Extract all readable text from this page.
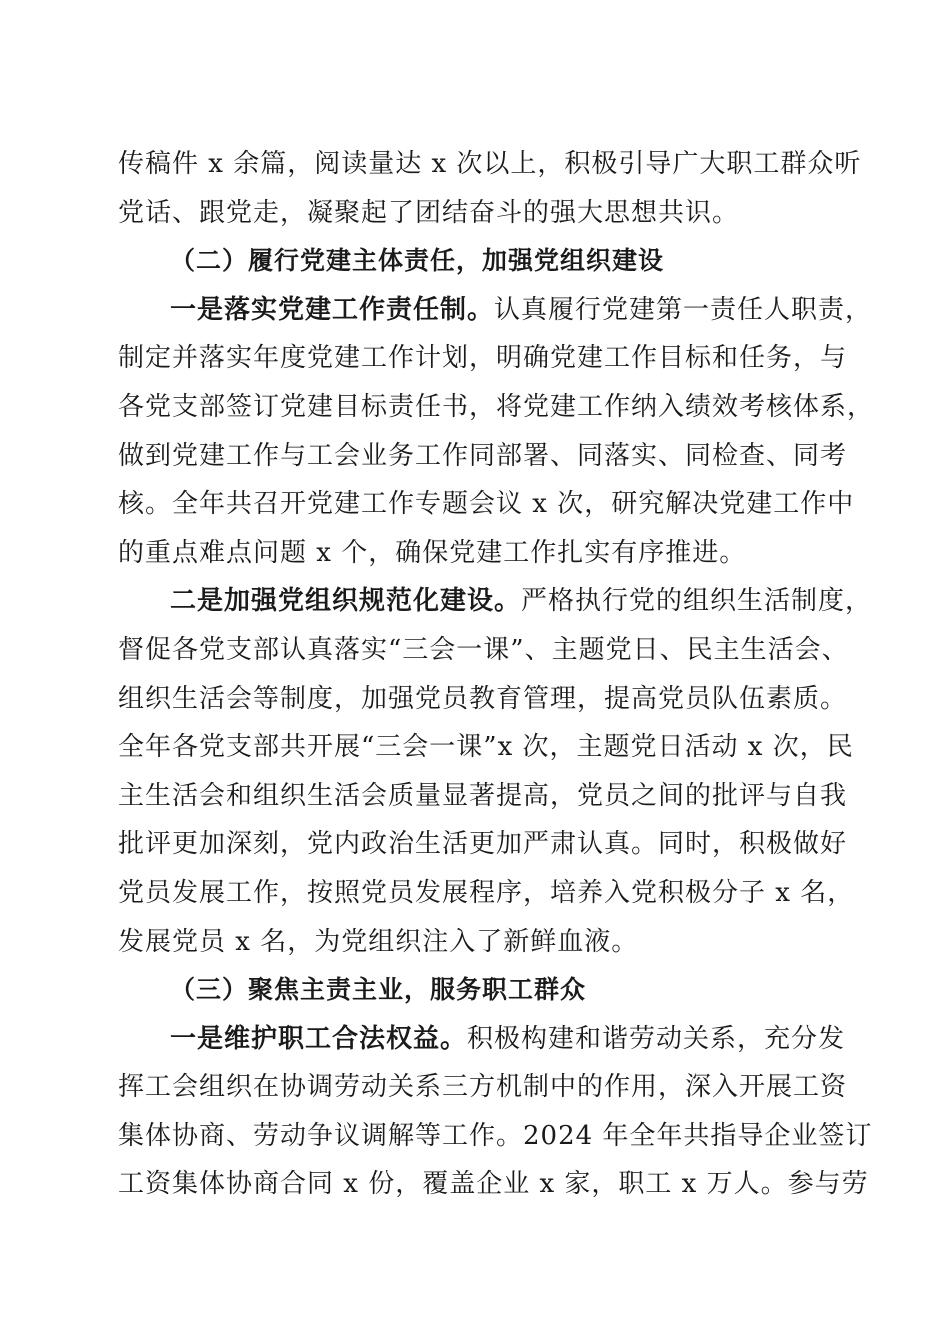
传稿件 x 余篇，阅读量达 x 次以上，积极引导广大职工群众听
党话、跟党走，凝聚起了团结奋斗的强大思想共识。
（二）履行党建主体责任，加强党组织建设
一是落实党建工作责任制。认真履行党建第一责任人职责，
制定并落实年度党建工作计划，明确党建工作目标和任务，与
各党支部签订党建目标责任书，将党建工作纳入绩效考核体系，
做到党建工作与工会业务工作同部署、同落实、同检查、同考
核。全年共召开党建工作专题会议 x 次，研究解决党建工作中
的重点难点问题 x 个，确保党建工作扎实有序推进。
二是加强党组织规范化建设。严格执行党的组织生活制度，
督促各党支部认真落实“三会一课”、主题党日、民主生活会、
组织生活会等制度，加强党员教育管理，提高党员队伍素质。
全年各党支部共开展“三会一课”x 次，主题党日活动 x 次，民
主生活会和组织生活会质量显著提高，党员之间的批评与自我
批评更加深刻，党内政治生活更加严肃认真。同时，积极做好
党员发展工作，按照党员发展程序，培养入党积极分子 x 名，
发展党员 x 名，为党组织注入了新鲜血液。
（三）聚焦主责主业，服务职工群众
一是维护职工合法权益。积极构建和谐劳动关系，充分发
挥工会组织在协调劳动关系三方机制中的作用，深入开展工资
集体协商、劳动争议调解等工作。2024 年全年共指导企业签订
工资集体协商合同 x 份，覆盖企业 x 家，职工 x 万人。参与劳
